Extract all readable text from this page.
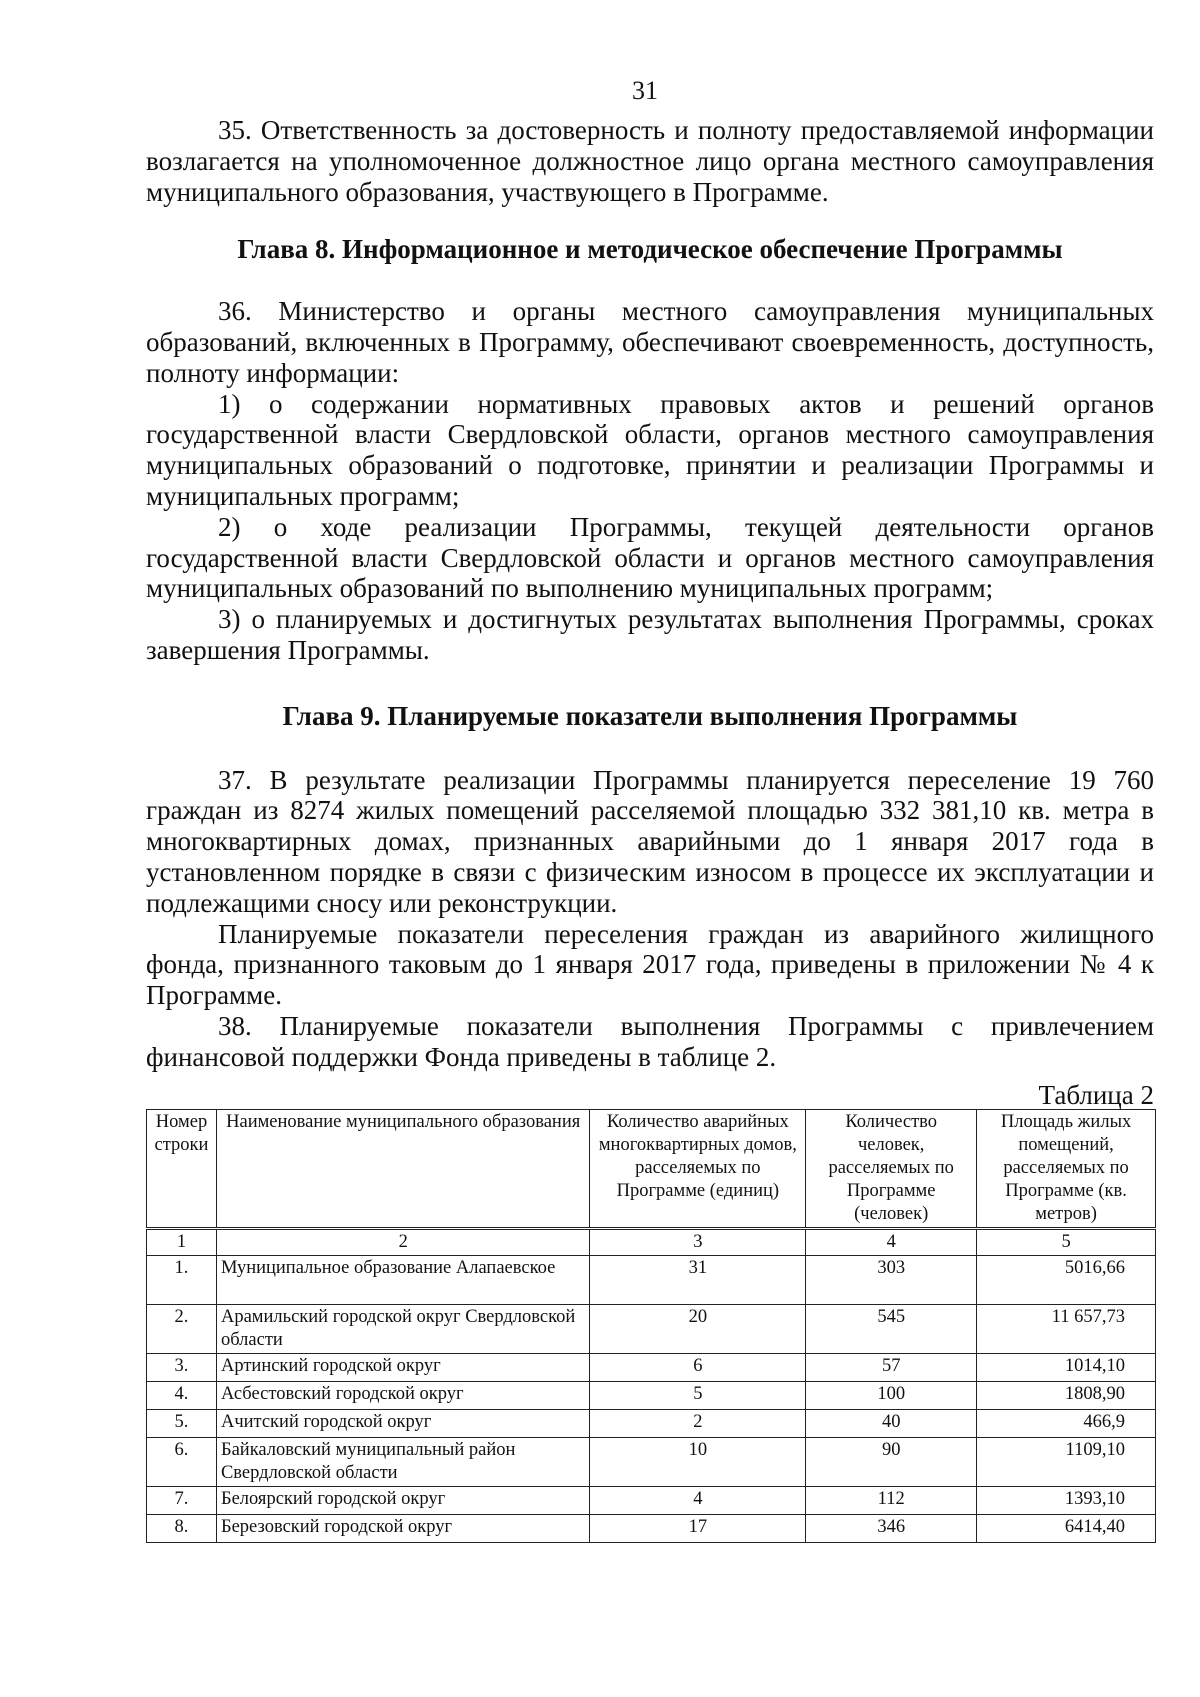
31

35. Ответственность за достоверность и полноту предоставляемой информации возлагается на уполномоченное должностное лицо органа местного самоуправления муниципального образования, участвующего в Программе.

Глава 8. Информационное и методическое обеспечение Программы

36. Министерство и органы местного самоуправления муниципальных образований, включенных в Программу, обеспечивают своевременность, доступность, полноту информации:

1) о содержании нормативных правовых актов и решений органов государственной власти Свердловской области, органов местного самоуправления муниципальных образований о подготовке, принятии и реализации Программы и муниципальных программ;

2) о ходе реализации Программы, текущей деятельности органов государственной власти Свердловской области и органов местного самоуправления муниципальных образований по выполнению муниципальных программ;

3) о планируемых и достигнутых результатах выполнения Программы, сроках завершения Программы.

Глава 9. Планируемые показатели выполнения Программы

37. В результате реализации Программы планируется переселение 19 760 граждан из 8274 жилых помещений расселяемой площадью 332 381,10 кв. метра в многоквартирных домах, признанных аварийными до 1 января 2017 года в установленном порядке в связи с физическим износом в процессе их эксплуатации и подлежащими сносу или реконструкции.

Планируемые показатели переселения граждан из аварийного жилищного фонда, признанного таковым до 1 января 2017 года, приведены в приложении № 4 к Программе.

38. Планируемые показатели выполнения Программы с привлечением финансовой поддержки Фонда приведены в таблице 2.

Таблица 2
Номер строки	Наименование муниципального образования	Количество аварийных многоквартирных домов, расселяемых по Программе (единиц)	Количество человек, расселяемых по Программе (человек)	Площадь жилых помещений, расселяемых по Программе (кв. метров)
1	2	3	4	5
1.	Муниципальное образование Алапаевское	31	303	5016,66
2.	Арамильский городской округ Свердловской области	20	545	11 657,73
3.	Артинский городской округ	6	57	1014,10
4.	Асбестовский городской округ	5	100	1808,90
5.	Ачитский городской округ	2	40	466,9
6.	Байкаловский муниципальный район Свердловской области	10	90	1109,10
7.	Белоярский городской округ	4	112	1393,10
8.	Березовский городской округ	17	346	6414,40
